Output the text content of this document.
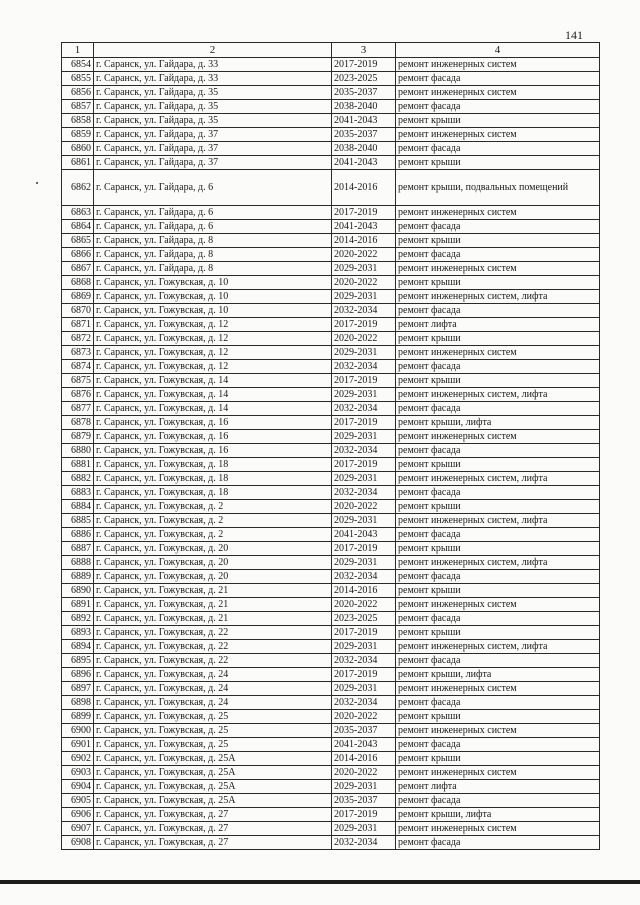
141
1	2	3	4
6854	г. Саранск, ул. Гайдара, д. 33	2017-2019	ремонт инженерных систем
6855	г. Саранск, ул. Гайдара, д. 33	2023-2025	ремонт фасада
6856	г. Саранск, ул. Гайдара, д. 35	2035-2037	ремонт инженерных систем
6857	г. Саранск, ул. Гайдара, д. 35	2038-2040	ремонт фасада
6858	г. Саранск, ул. Гайдара, д. 35	2041-2043	ремонт крыши
6859	г. Саранск, ул. Гайдара, д. 37	2035-2037	ремонт инженерных систем
6860	г. Саранск, ул. Гайдара, д. 37	2038-2040	ремонт фасада
6861	г. Саранск, ул. Гайдара, д. 37	2041-2043	ремонт крыши
6862	г. Саранск, ул. Гайдара, д. 6	2014-2016	ремонт крыши, подвальных помещений
6863	г. Саранск, ул. Гайдара, д. 6	2017-2019	ремонт инженерных систем
6864	г. Саранск, ул. Гайдара, д. 6	2041-2043	ремонт фасада
6865	г. Саранск, ул. Гайдара, д. 8	2014-2016	ремонт крыши
6866	г. Саранск, ул. Гайдара, д. 8	2020-2022	ремонт фасада
6867	г. Саранск, ул. Гайдара, д. 8	2029-2031	ремонт инженерных систем
6868	г. Саранск, ул. Гожувская, д. 10	2020-2022	ремонт крыши
6869	г. Саранск, ул. Гожувская, д. 10	2029-2031	ремонт инженерных систем, лифта
6870	г. Саранск, ул. Гожувская, д. 10	2032-2034	ремонт фасада
6871	г. Саранск, ул. Гожувская, д. 12	2017-2019	ремонт лифта
6872	г. Саранск, ул. Гожувская, д. 12	2020-2022	ремонт крыши
6873	г. Саранск, ул. Гожувская, д. 12	2029-2031	ремонт инженерных систем
6874	г. Саранск, ул. Гожувская, д. 12	2032-2034	ремонт фасада
6875	г. Саранск, ул. Гожувская, д. 14	2017-2019	ремонт крыши
6876	г. Саранск, ул. Гожувская, д. 14	2029-2031	ремонт инженерных систем, лифта
6877	г. Саранск, ул. Гожувская, д. 14	2032-2034	ремонт фасада
6878	г. Саранск, ул. Гожувская, д. 16	2017-2019	ремонт крыши, лифта
6879	г. Саранск, ул. Гожувская, д. 16	2029-2031	ремонт инженерных систем
6880	г. Саранск, ул. Гожувская, д. 16	2032-2034	ремонт фасада
6881	г. Саранск, ул. Гожувская, д. 18	2017-2019	ремонт крыши
6882	г. Саранск, ул. Гожувская, д. 18	2029-2031	ремонт инженерных систем, лифта
6883	г. Саранск, ул. Гожувская, д. 18	2032-2034	ремонт фасада
6884	г. Саранск, ул. Гожувская, д. 2	2020-2022	ремонт крыши
6885	г. Саранск, ул. Гожувская, д. 2	2029-2031	ремонт инженерных систем, лифта
6886	г. Саранск, ул. Гожувская, д. 2	2041-2043	ремонт фасада
6887	г. Саранск, ул. Гожувская, д. 20	2017-2019	ремонт крыши
6888	г. Саранск, ул. Гожувская, д. 20	2029-2031	ремонт инженерных систем, лифта
6889	г. Саранск, ул. Гожувская, д. 20	2032-2034	ремонт фасада
6890	г. Саранск, ул. Гожувская, д. 21	2014-2016	ремонт крыши
6891	г. Саранск, ул. Гожувская, д. 21	2020-2022	ремонт инженерных систем
6892	г. Саранск, ул. Гожувская, д. 21	2023-2025	ремонт фасада
6893	г. Саранск, ул. Гожувская, д. 22	2017-2019	ремонт крыши
6894	г. Саранск, ул. Гожувская, д. 22	2029-2031	ремонт инженерных систем, лифта
6895	г. Саранск, ул. Гожувская, д. 22	2032-2034	ремонт фасада
6896	г. Саранск, ул. Гожувская, д. 24	2017-2019	ремонт крыши, лифта
6897	г. Саранск, ул. Гожувская, д. 24	2029-2031	ремонт инженерных систем
6898	г. Саранск, ул. Гожувская, д. 24	2032-2034	ремонт фасада
6899	г. Саранск, ул. Гожувская, д. 25	2020-2022	ремонт крыши
6900	г. Саранск, ул. Гожувская, д. 25	2035-2037	ремонт инженерных систем
6901	г. Саранск, ул. Гожувская, д. 25	2041-2043	ремонт фасада
6902	г. Саранск, ул. Гожувская, д. 25А	2014-2016	ремонт крыши
6903	г. Саранск, ул. Гожувская, д. 25А	2020-2022	ремонт инженерных систем
6904	г. Саранск, ул. Гожувская, д. 25А	2029-2031	ремонт лифта
6905	г. Саранск, ул. Гожувская, д. 25А	2035-2037	ремонт фасада
6906	г. Саранск, ул. Гожувская, д. 27	2017-2019	ремонт крыши, лифта
6907	г. Саранск, ул. Гожувская, д. 27	2029-2031	ремонт инженерных систем
6908	г. Саранск, ул. Гожувская, д. 27	2032-2034	ремонт фасада
